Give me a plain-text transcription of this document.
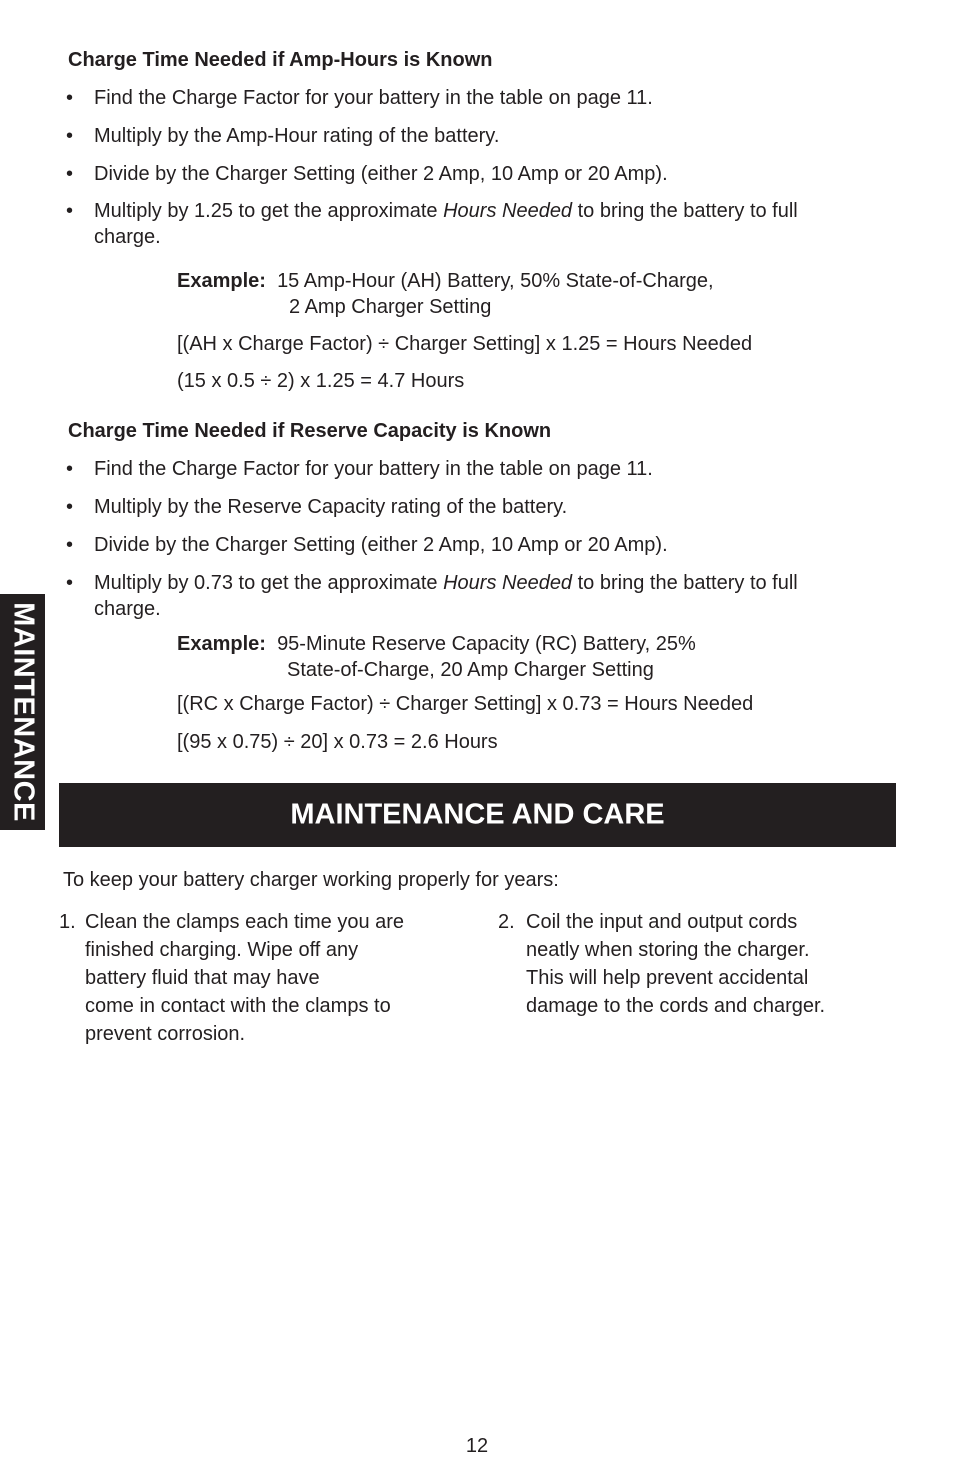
Charge Time Needed if Amp-Hours is Known
• Find the Charge Factor for your battery in the table on page 11.
• Multiply by the Amp-Hour rating of the battery.
• Divide by the Charger Setting (either 2 Amp, 10 Amp or 20 Amp).
• Multiply by 1.25 to get the approximate Hours Needed to bring the battery to full charge.
Example: 15 Amp-Hour (AH) Battery, 50% State-of-Charge,
2 Amp Charger Setting
[(AH x Charge Factor) ÷ Charger Setting] x 1.25 = Hours Needed
(15 x 0.5 ÷ 2) x 1.25 = 4.7 Hours
Charge Time Needed if Reserve Capacity is Known
• Find the Charge Factor for your battery in the table on page 11.
• Multiply by the Reserve Capacity rating of the battery.
• Divide by the Charger Setting (either 2 Amp, 10 Amp or 20 Amp).
• Multiply by 0.73 to get the approximate Hours Needed to bring the battery to full charge.
Example: 95-Minute Reserve Capacity (RC) Battery, 25%
State-of-Charge, 20 Amp Charger Setting
[(RC x Charge Factor) ÷ Charger Setting] x 0.73 = Hours Needed
[(95 x 0.75) ÷ 20] x 0.73 = 2.6 Hours
MAINTENANCE	MAINTENANCE AND CARE
To keep your battery charger working properly for years:
1. Clean the clamps each time you are
finished charging. Wipe off any
battery fluid that may have
come in contact with the clamps to
prevent corrosion.
2. Coil the input and output cords
neatly when storing the charger.
This will help prevent accidental
damage to the cords and charger.
12
